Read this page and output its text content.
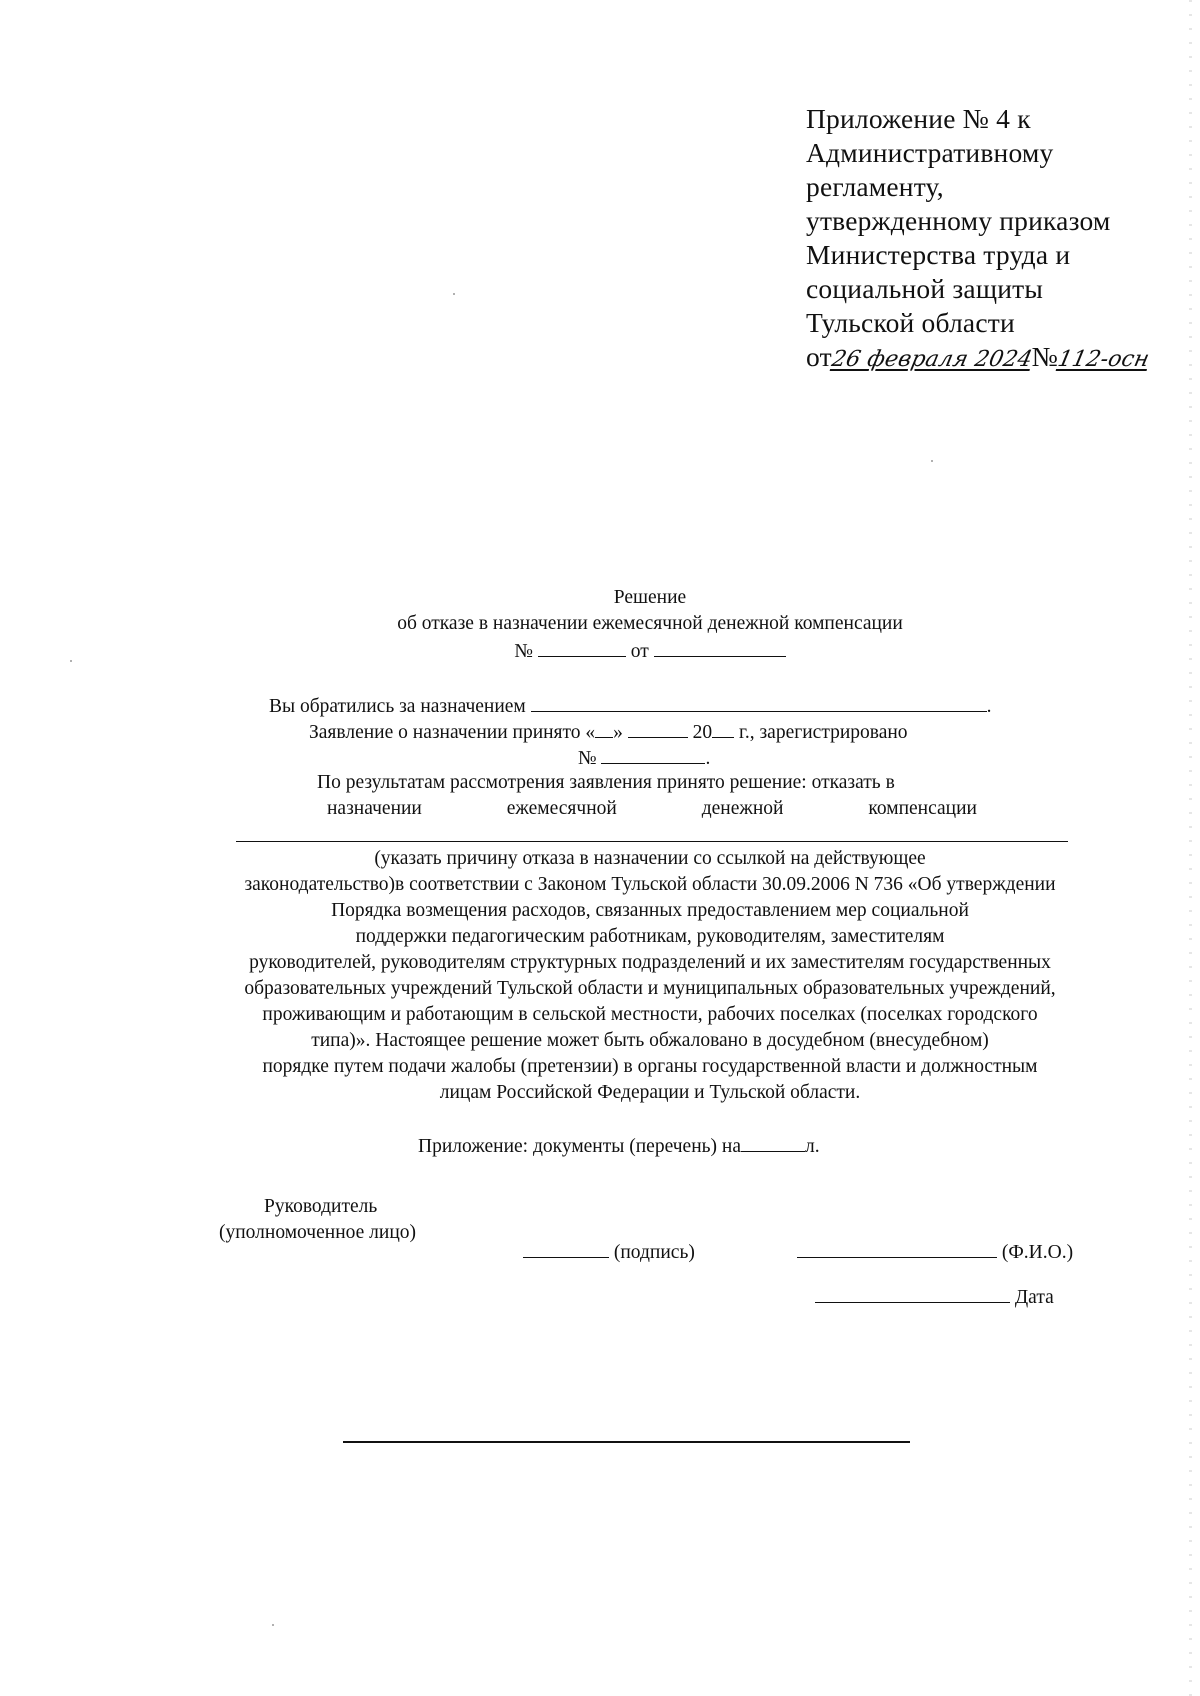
Приложение № 4 к
Административному
регламенту,
утвержденному приказом
Министерства труда и
социальной защиты
Тульской области
от26 февраля 2024№112-осн
Решение
об отказе в назначении ежемесячной денежной компенсации
№	от
Вы обратились за назначением	.
Заявление о назначении принято « »	20 г., зарегистрировано
№	.
По результатам рассмотрения заявления принято решение: отказать в
назначении	ежемесячной	денежной	компенсации
(указать причину отказа в назначении со ссылкой на действующее
законодательство)в соответствии с Законом Тульской области 30.09.2006 N 736 «Об утверждении
Порядка возмещения расходов, связанных предоставлением мер социальной
поддержки педагогическим работникам, руководителям, заместителям
руководителей, руководителям структурных подразделений и их заместителям государственных
образовательных учреждений Тульской области и муниципальных образовательных учреждений,
проживающим и работающим в сельской местности, рабочих поселках (поселках городского
типа)». Настоящее решение может быть обжаловано в досудебном (внесудебном)
порядке путем подачи жалобы (претензии) в органы государственной власти и должностным
лицам Российской Федерации и Тульской области.
Приложение: документы (перечень) на	л.
Руководитель
(уполномоченное лицо)
(подпись)	(Ф.И.О.)
Дата
